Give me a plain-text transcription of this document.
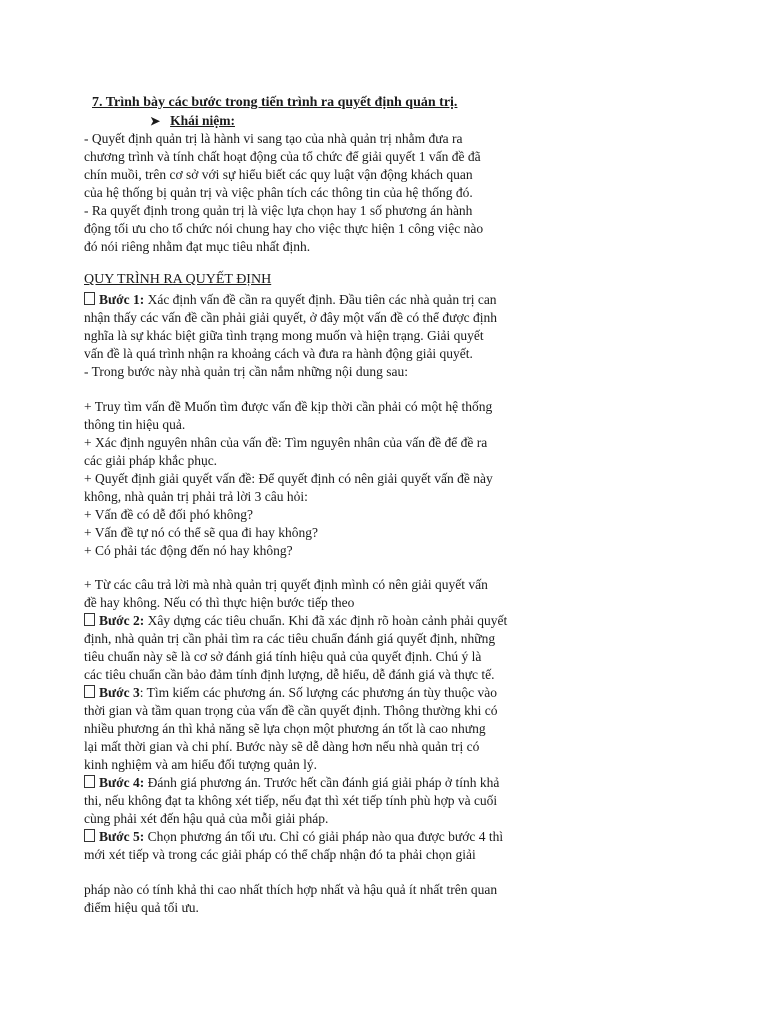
7. Trình bày các bước trong tiến trình ra quyết định quản trị.

➤ Khái niệm:

- Quyết định quản trị là hành vi sang tạo của nhà quản trị nhằm đưa ra

chương trình và tính chất hoạt động của tổ chức để giải quyết 1 vấn đề đã

chín muồi, trên cơ sở với sự hiểu biết các quy luật vận động khách quan

của hệ thống bị quản trị và việc phân tích các thông tin của hệ thống đó.

- Ra quyết định trong quản trị là việc lựa chọn hay 1 số phương án hành

động tối ưu cho tổ chức nói chung hay cho việc thực hiện 1 công việc nào

đó nói riêng nhằm đạt mục tiêu nhất định.

QUY TRÌNH RA QUYẾT ĐỊNH

Bước 1: Xác định vấn đề cần ra quyết định. Đầu tiên các nhà quản trị can

nhận thấy các vấn đề cần phải giải quyết, ở đây một vấn đề có thể được định

nghĩa là sự khác biệt giữa tình trạng mong muốn và hiện trạng. Giải quyết

vấn đề là quá trình nhận ra khoảng cách và đưa ra hành động giải quyết.

- Trong bước này nhà quản trị cần nắm những nội dung sau:

+ Truy tìm vấn đề Muốn tìm được vấn đề kịp thời cần phải có một hệ thống

thông tin hiệu quả.

+ Xác định nguyên nhân của vấn đề: Tìm nguyên nhân của vấn đề để đề ra

các giải pháp khắc phục.

+ Quyết định giải quyết vấn đề: Để quyết định có nên giải quyết vấn đề này

không, nhà quản trị phải trả lời 3 câu hỏi:

+ Vấn đề có dễ đối phó không?

+ Vấn đề tự nó có thể sẽ qua đi hay không?

+ Có phải tác động đến nó hay không?

+ Từ các câu trả lời mà nhà quản trị quyết định mình có nên giải quyết vấn

đề hay không. Nếu có thì thực hiện bước tiếp theo

Bước 2: Xây dựng các tiêu chuẩn. Khi đã xác định rõ hoàn cảnh phải quyết

định, nhà quản trị cần phải tìm ra các tiêu chuẩn đánh giá quyết định, những

tiêu chuẩn này sẽ là cơ sở đánh giá tính hiệu quả của quyết định. Chú ý là

các tiêu chuẩn cần bảo đảm tính định lượng, dễ hiểu, dễ đánh giá và thực tế.

Bước 3: Tìm kiếm các phương án. Số lượng các phương án tùy thuộc vào

thời gian và tầm quan trọng của vấn đề cần quyết định. Thông thường khi có

nhiều phương án thì khả năng sẽ lựa chọn một phương án tốt là cao nhưng

lại mất thời gian và chi phí. Bước này sẽ dễ dàng hơn nếu nhà quản trị có

kinh nghiệm và am hiểu đối tượng quản lý.

Bước 4: Đánh giá phương án. Trước hết cần đánh giá giải pháp ở tính khả

thi, nếu không đạt ta không xét tiếp, nếu đạt thì xét tiếp tính phù hợp và cuối

cùng phải xét đến hậu quả của mỗi giải pháp.

Bước 5: Chọn phương án tối ưu. Chỉ có giải pháp nào qua được bước 4 thì

mới xét tiếp và trong các giải pháp có thể chấp nhận đó ta phải chọn giải

pháp nào có tính khả thi cao nhất thích hợp nhất và hậu quả ít nhất trên quan

điểm hiệu quả tối ưu.
